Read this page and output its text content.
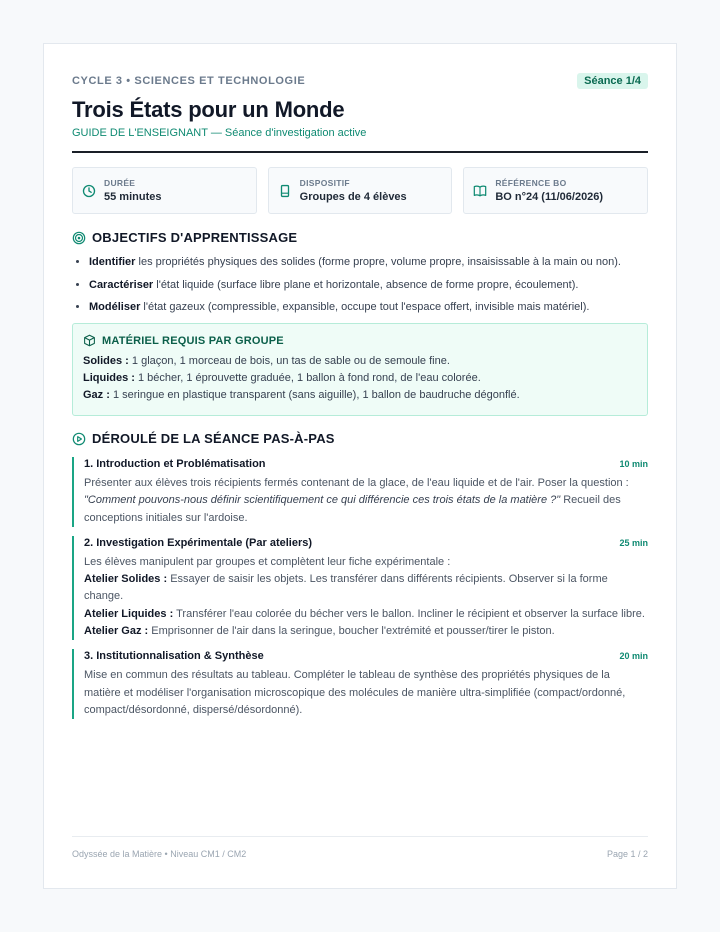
CYCLE 3 • SCIENCES ET TECHNOLOGIE	Séance 1/4
Trois États pour un Monde
GUIDE DE L'ENSEIGNANT — Séance d'investigation active
DURÉE
55 minutes
DISPOSITIF
Groupes de 4 élèves
RÉFÉRENCE BO
BO n°24 (11/06/2026)
OBJECTIFS D'APPRENTISSAGE
• Identifier les propriétés physiques des solides (forme propre, volume propre, insaisissable à la main ou non).
• Caractériser l'état liquide (surface libre plane et horizontale, absence de forme propre, écoulement).
• Modéliser l'état gazeux (compressible, expansible, occupe tout l'espace offert, invisible mais matériel).
MATÉRIEL REQUIS PAR GROUPE
Solides : 1 glaçon, 1 morceau de bois, un tas de sable ou de semoule fine.
Liquides : 1 bécher, 1 éprouvette graduée, 1 ballon à fond rond, de l'eau colorée.
Gaz : 1 seringue en plastique transparent (sans aiguille), 1 ballon de baudruche dégonflé.
DÉROULÉ DE LA SÉANCE PAS-À-PAS
1. Introduction et Problématisation	10 min
Présenter aux élèves trois récipients fermés contenant de la glace, de l'eau liquide et de l'air. Poser la question : "Comment pouvons-nous définir scientifiquement ce qui différencie ces trois états de la matière ?" Recueil des conceptions initiales sur l'ardoise.
2. Investigation Expérimentale (Par ateliers)	25 min
Les élèves manipulent par groupes et complètent leur fiche expérimentale :
Atelier Solides : Essayer de saisir les objets. Les transférer dans différents récipients. Observer si la forme change.
Atelier Liquides : Transférer l'eau colorée du bécher vers le ballon. Incliner le récipient et observer la surface libre.
Atelier Gaz : Emprisonner de l'air dans la seringue, boucher l'extrémité et pousser/tirer le piston.
3. Institutionnalisation & Synthèse	20 min
Mise en commun des résultats au tableau. Compléter le tableau de synthèse des propriétés physiques de la matière et modéliser l'organisation microscopique des molécules de manière ultra-simplifiée (compact/ordonné, compact/désordonné, dispersé/désordonné).
Odyssée de la Matière • Niveau CM1 / CM2	Page 1 / 2
